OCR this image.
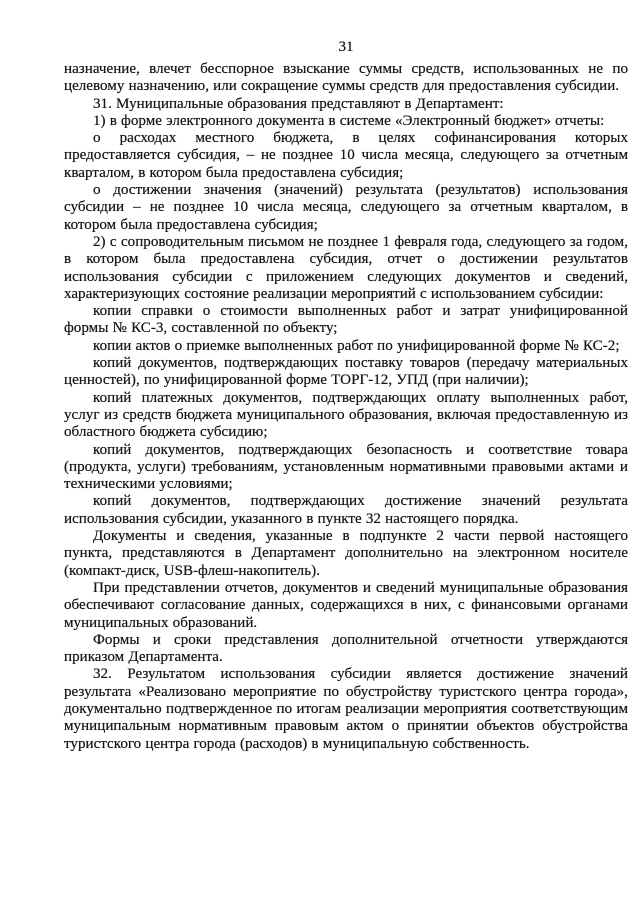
31

назначение, влечет бесспорное взыскание суммы средств, использованных не по целевому назначению, или сокращение суммы средств для предоставления субсидии.

31. Муниципальные образования представляют в Департамент:

1) в форме электронного документа в системе «Электронный бюджет» отчеты:

о расходах местного бюджета, в целях софинансирования которых предоставляется субсидия, – не позднее 10 числа месяца, следующего за отчетным кварталом, в котором была предоставлена субсидия;

о достижении значения (значений) результата (результатов) использования субсидии – не позднее 10 числа месяца, следующего за отчетным кварталом, в котором была предоставлена субсидия;

2) с сопроводительным письмом не позднее 1 февраля года, следующего за годом, в котором была предоставлена субсидия, отчет о достижении результатов использования субсидии с приложением следующих документов и сведений, характеризующих состояние реализации мероприятий с использованием субсидии:

копии справки о стоимости выполненных работ и затрат унифицированной формы № КС-3, составленной по объекту;

копии актов о приемке выполненных работ по унифицированной форме № КС-2;

копий документов, подтверждающих поставку товаров (передачу материальных ценностей), по унифицированной форме ТОРГ-12, УПД (при наличии);

копий платежных документов, подтверждающих оплату выполненных работ, услуг из средств бюджета муниципального образования, включая предоставленную из областного бюджета субсидию;

копий документов, подтверждающих безопасность и соответствие товара (продукта, услуги) требованиям, установленным нормативными правовыми актами и техническими условиями;

копий документов, подтверждающих достижение значений результата использования субсидии, указанного в пункте 32 настоящего порядка.

Документы и сведения, указанные в подпункте 2 части первой настоящего пункта, представляются в Департамент дополнительно на электронном носителе (компакт-диск, USB-флеш-накопитель).

При представлении отчетов, документов и сведений муниципальные образования обеспечивают согласование данных, содержащихся в них, с финансовыми органами муниципальных образований.

Формы и сроки представления дополнительной отчетности утверждаются приказом Департамента.

32. Результатом использования субсидии является достижение значений результата «Реализовано мероприятие по обустройству туристского центра города», документально подтвержденное по итогам реализации мероприятия соответствующим муниципальным нормативным правовым актом о принятии объектов обустройства туристского центра города (расходов) в муниципальную собственность.
